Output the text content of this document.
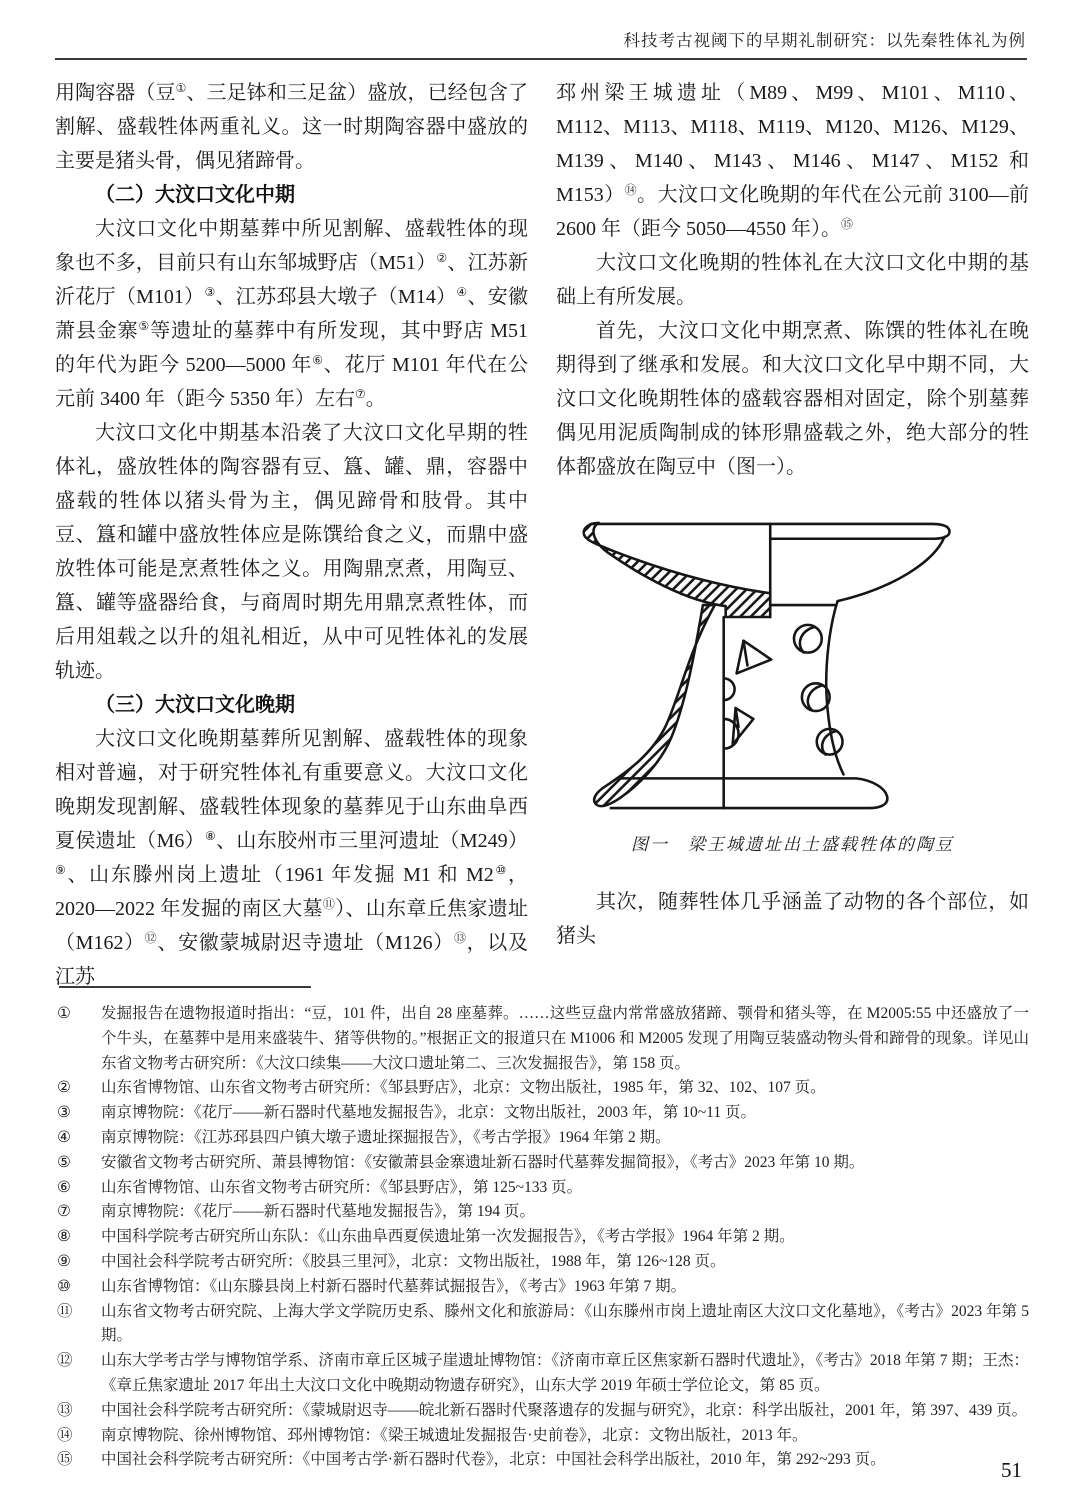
科技考古视阈下的早期礼制研究：以先秦牲体礼为例

用陶容器（豆①、三足钵和三足盆）盛放，已经包含了割解、盛载牲体两重礼义。这一时期陶容器中盛放的主要是猪头骨，偶见猪蹄骨。

（二）大汶口文化中期

大汶口文化中期墓葬中所见割解、盛载牲体的现象也不多，目前只有山东邹城野店（M51）②、江苏新沂花厅（M101）③、江苏邳县大墩子（M14）④、安徽萧县金寨⑤等遗址的墓葬中有所发现，其中野店 M51 的年代为距今 5200—5000 年⑥、花厅 M101 年代在公元前 3400 年（距今 5350 年）左右⑦。

大汶口文化中期基本沿袭了大汶口文化早期的牲体礼，盛放牲体的陶容器有豆、簋、罐、鼎，容器中盛载的牲体以猪头骨为主，偶见蹄骨和肢骨。其中豆、簋和罐中盛放牲体应是陈馔给食之义，而鼎中盛放牲体可能是烹煮牲体之义。用陶鼎烹煮，用陶豆、簋、罐等盛器给食，与商周时期先用鼎烹煮牲体，而后用俎载之以升的俎礼相近，从中可见牲体礼的发展轨迹。

（三）大汶口文化晚期

大汶口文化晚期墓葬所见割解、盛载牲体的现象相对普遍，对于研究牲体礼有重要意义。大汶口文化晚期发现割解、盛载牲体现象的墓葬见于山东曲阜西夏侯遗址（M6）⑧、山东胶州市三里河遗址（M249）⑨、山东滕州岗上遗址（1961 年发掘 M1 和 M2⑩，2020—2022 年发掘的南区大墓⑪）、山东章丘焦家遗址（M162）⑫、安徽蒙城尉迟寺遗址（M126）⑬，以及江苏

邳州梁王城遗址（M89、M99、M101、M110、M112、M113、M118、M119、M120、M126、M129、M139、M140、M143、M146、M147、M152 和 M153）⑭。大汶口文化晚期的年代在公元前 3100—前 2600 年（距今 5050—4550 年）。⑮

大汶口文化晚期的牲体礼在大汶口文化中期的基础上有所发展。

首先，大汶口文化中期烹煮、陈馔的牲体礼在晚期得到了继承和发展。和大汶口文化早中期不同，大汶口文化晚期牲体的盛载容器相对固定，除个别墓葬偶见用泥质陶制成的钵形鼎盛载之外，绝大部分的牲体都盛放在陶豆中（图一）。

图一　梁王城遗址出土盛载牲体的陶豆

其次，随葬牲体几乎涵盖了动物的各个部位，如猪头

①	发掘报告在遗物报道时指出：“豆，101 件，出自 28 座墓葬。……这些豆盘内常常盛放猪蹄、颚骨和猪头等，在 M2005:55 中还盛放了一个牛头，在墓葬中是用来盛装牛、猪等供物的。”根据正文的报道只在 M1006 和 M2005 发现了用陶豆装盛动物头骨和蹄骨的现象。详见山东省文物考古研究所：《大汶口续集——大汶口遗址第二、三次发掘报告》，第 158 页。
②	山东省博物馆、山东省文物考古研究所：《邹县野店》，北京：文物出版社，1985 年，第 32、102、107 页。
③	南京博物院：《花厅——新石器时代墓地发掘报告》，北京：文物出版社，2003 年，第 10~11 页。
④	南京博物院：《江苏邳县四户镇大墩子遗址探掘报告》，《考古学报》1964 年第 2 期。
⑤	安徽省文物考古研究所、萧县博物馆：《安徽萧县金寨遗址新石器时代墓葬发掘简报》，《考古》2023 年第 10 期。
⑥	山东省博物馆、山东省文物考古研究所：《邹县野店》，第 125~133 页。
⑦	南京博物院：《花厅——新石器时代墓地发掘报告》，第 194 页。
⑧	中国科学院考古研究所山东队：《山东曲阜西夏侯遗址第一次发掘报告》，《考古学报》1964 年第 2 期。
⑨	中国社会科学院考古研究所：《胶县三里河》，北京：文物出版社，1988 年，第 126~128 页。
⑩	山东省博物馆：《山东滕县岗上村新石器时代墓葬试掘报告》，《考古》1963 年第 7 期。
⑪	山东省文物考古研究院、上海大学文学院历史系、滕州文化和旅游局：《山东滕州市岗上遗址南区大汶口文化墓地》，《考古》2023 年第 5 期。
⑫	山东大学考古学与博物馆学系、济南市章丘区城子崖遗址博物馆：《济南市章丘区焦家新石器时代遗址》，《考古》2018 年第 7 期；王杰：《章丘焦家遗址 2017 年出土大汶口文化中晚期动物遗存研究》，山东大学 2019 年硕士学位论文，第 85 页。
⑬	中国社会科学院考古研究所：《蒙城尉迟寺——皖北新石器时代聚落遗存的发掘与研究》，北京：科学出版社，2001 年，第 397、439 页。
⑭	南京博物院、徐州博物馆、邳州博物馆：《梁王城遗址发掘报告·史前卷》，北京：文物出版社，2013 年。
⑮	中国社会科学院考古研究所：《中国考古学·新石器时代卷》，北京：中国社会科学出版社，2010 年，第 292~293 页。	51
